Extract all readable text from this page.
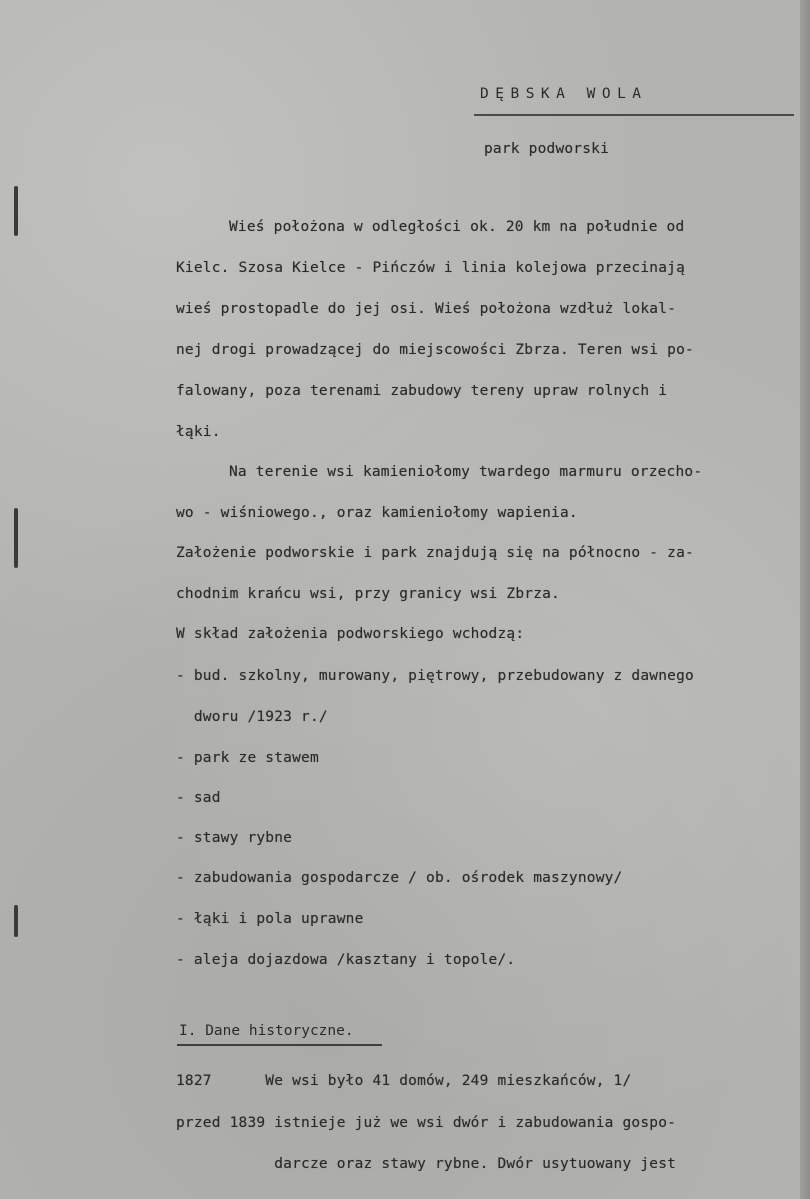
DĘBSKA WOLA
park podworski
Wieś położona w odległości ok. 20 km na południe od
Kielc. Szosa Kielce - Pińczów i linia kolejowa przecinają
wieś prostopadle do jej osi. Wieś położona wzdłuż lokal-
nej drogi prowadzącej do miejscowości Zbrza. Teren wsi po-
falowany, poza terenami zabudowy tereny upraw rolnych i
łąki.
Na terenie wsi kamieniołomy twardego marmuru orzecho-
wo - wiśniowego., oraz kamieniołomy wapienia.
Założenie podworskie i park znajdują się na północno - za-
chodnim krańcu wsi, przy granicy wsi Zbrza.
W skład założenia podworskiego wchodzą:
- bud. szkolny, murowany, piętrowy, przebudowany z dawnego
dworu /1923 r./
- park ze stawem
- sad
- stawy rybne
- zabudowania gospodarcze / ob. ośrodek maszynowy/
- łąki i pola uprawne
- aleja dojazdowa /kasztany i topole/.
I. Dane historyczne.
1827      We wsi było 41 domów, 249 mieszkańców, 1/
przed 1839 istnieje już we wsi dwór i zabudowania gospo-
darcze oraz stawy rybne. Dwór usytuowany jest
